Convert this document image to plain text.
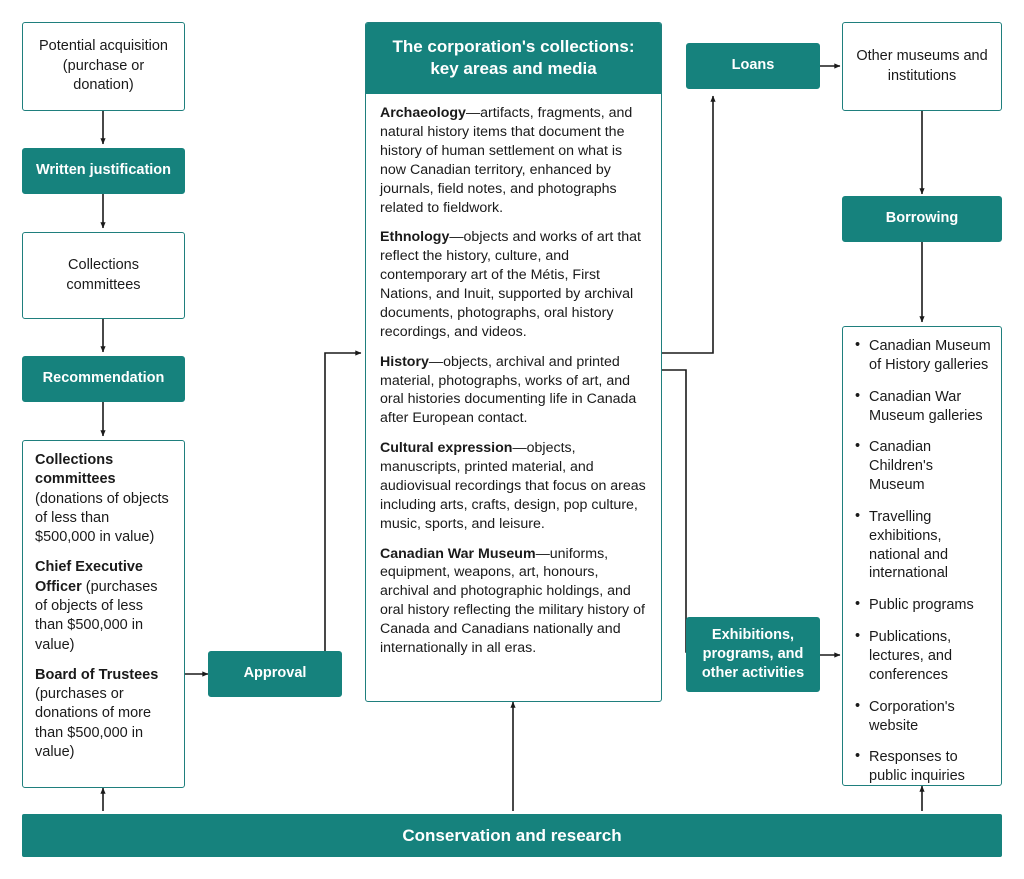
Potential acquisition (purchase or donation)
Written justification
Collections committees
Recommendation

Collections committees (donations of objects of less than $500,000 in value)

Chief Executive Officer (purchases of objects of less than $500,000 in value)

Board of Trustees (purchases or donations of more than $500,000 in value)

Approval
The corporation's collections: key areas and media

Archaeology—artifacts, fragments, and natural history items that document the history of human settlement on what is now Canadian territory, enhanced by journals, field notes, and photographs related to fieldwork.

Ethnology—objects and works of art that reflect the history, culture, and contemporary art of the Métis, First Nations, and Inuit, supported by archival documents, photographs, oral history recordings, and videos.

History—objects, archival and printed material, photographs, works of art, and oral histories documenting life in Canada after European contact.

Cultural expression—objects, manuscripts, printed material, and audiovisual recordings that focus on areas including arts, crafts, design, pop culture, music, sports, and leisure.

Canadian War Museum—uniforms, equipment, weapons, art, honours, archival and photographic holdings, and oral history reflecting the military history of Canada and Canadians nationally and internationally in all eras.

Loans
Other museums and institutions
Borrowing
Exhibitions, programs, and other activities
• Canadian Museum of History galleries
• Canadian War Museum galleries
• Canadian Children's Museum
• Travelling exhibitions, national and international
• Public programs
• Publications, lectures, and conferences
• Corporation's website
• Responses to public inquiries
Conservation and research
